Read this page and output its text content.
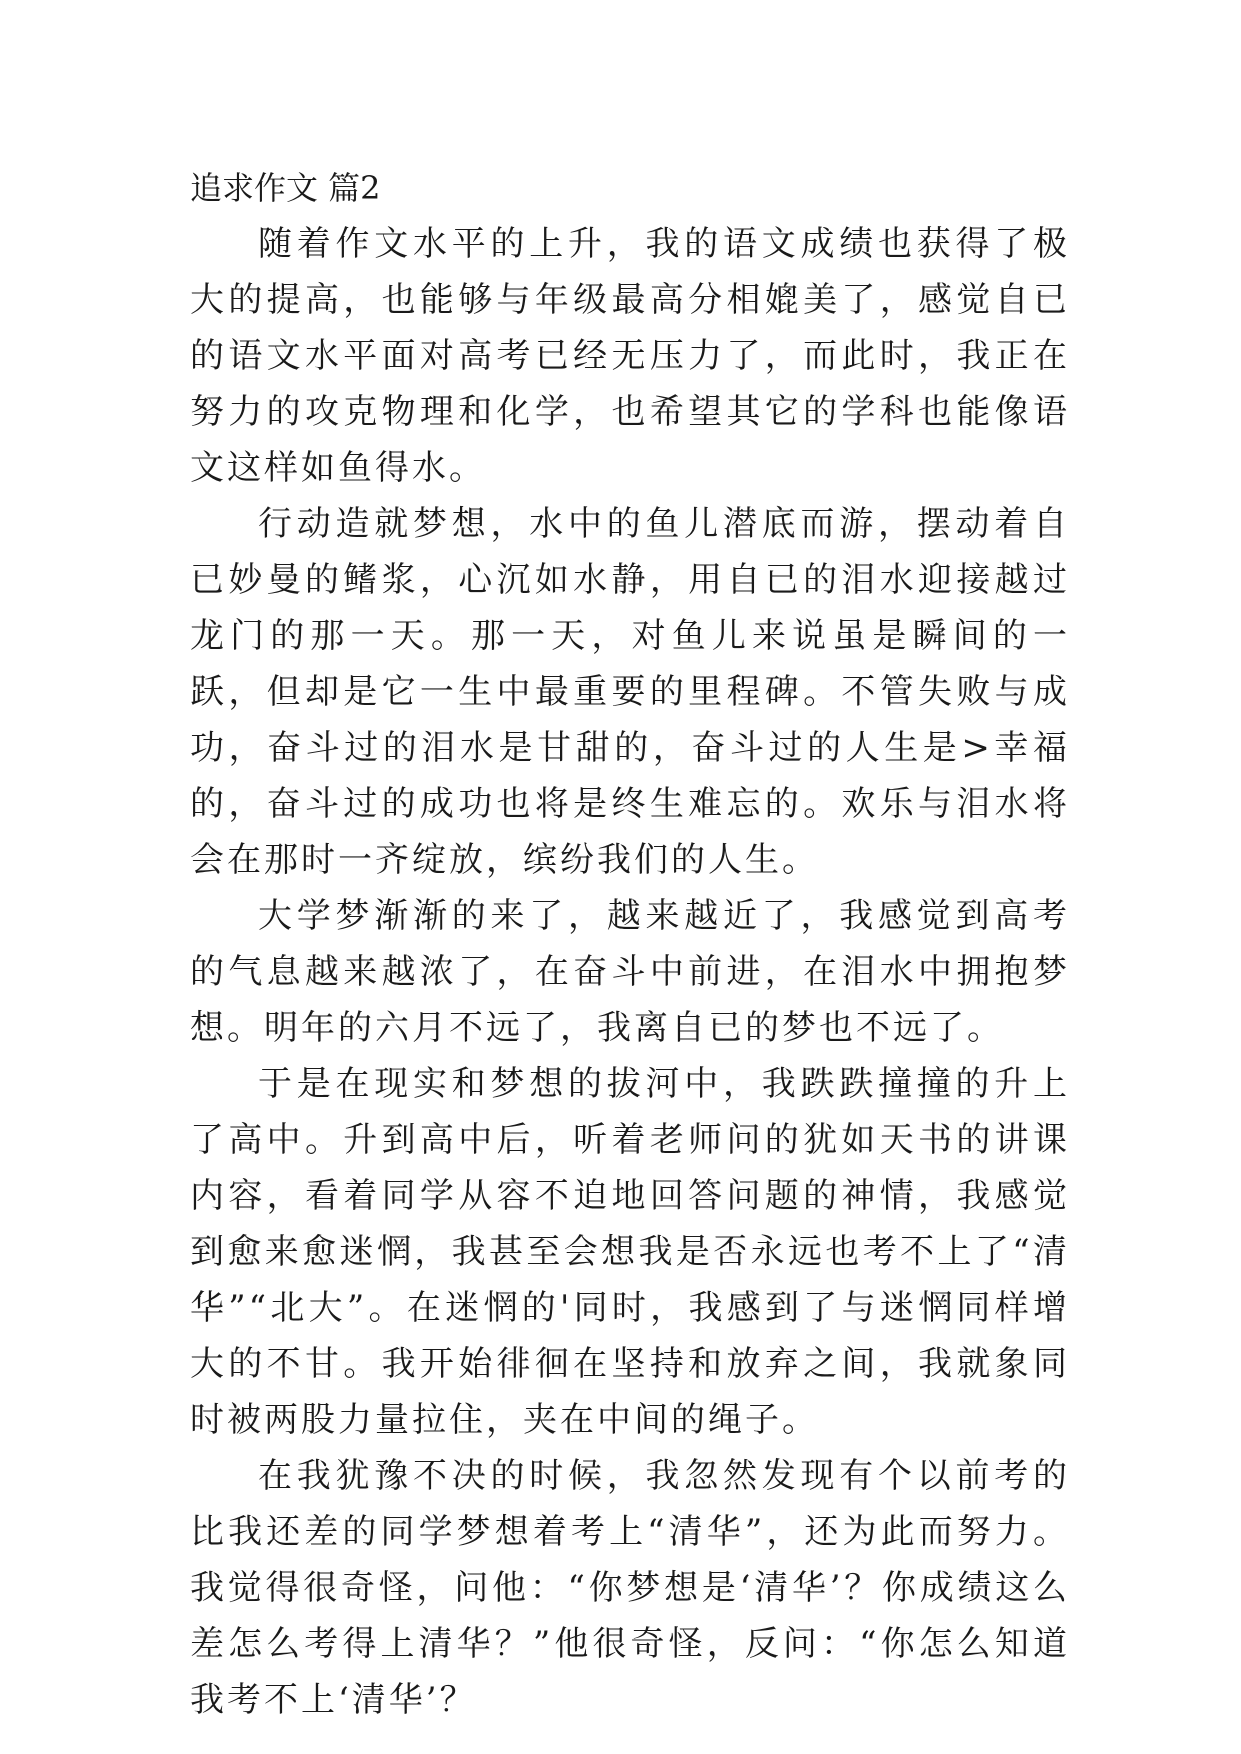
追求作文 篇2

随着作文水平的上升，我的语文成绩也获得了极大的提高，也能够与年级最高分相媲美了，感觉自已的语文水平面对高考已经无压力了，而此时，我正在努力的攻克物理和化学，也希望其它的学科也能像语文这样如鱼得水。

行动造就梦想，水中的鱼儿潜底而游，摆动着自已妙曼的鳍浆，心沉如水静，用自已的泪水迎接越过龙门的那一天。那一天，对鱼儿来说虽是瞬间的一跃，但却是它一生中最重要的里程碑。不管失败与成功，奋斗过的泪水是甘甜的，奋斗过的人生是>幸福的，奋斗过的成功也将是终生难忘的。欢乐与泪水将会在那时一齐绽放，缤纷我们的人生。

大学梦渐渐的来了，越来越近了，我感觉到高考的气息越来越浓了，在奋斗中前进，在泪水中拥抱梦想。明年的六月不远了，我离自已的梦也不远了。

于是在现实和梦想的拔河中，我跌跌撞撞的升上了高中。升到高中后，听着老师问的犹如天书的讲课内容，看着同学从容不迫地回答问题的神情，我感觉到愈来愈迷惘，我甚至会想我是否永远也考不上了“清华”“北大”。在迷惘的'同时，我感到了与迷惘同样增大的不甘。我开始徘徊在坚持和放弃之间，我就象同时被两股力量拉住，夹在中间的绳子。

在我犹豫不决的时候，我忽然发现有个以前考的比我还差的同学梦想着考上“清华”，还为此而努力。我觉得很奇怪，问他：“你梦想是‘清华’？你成绩这么差怎么考得上清华？”他很奇怪，反问：“你怎么知道我考不上‘清华’？
